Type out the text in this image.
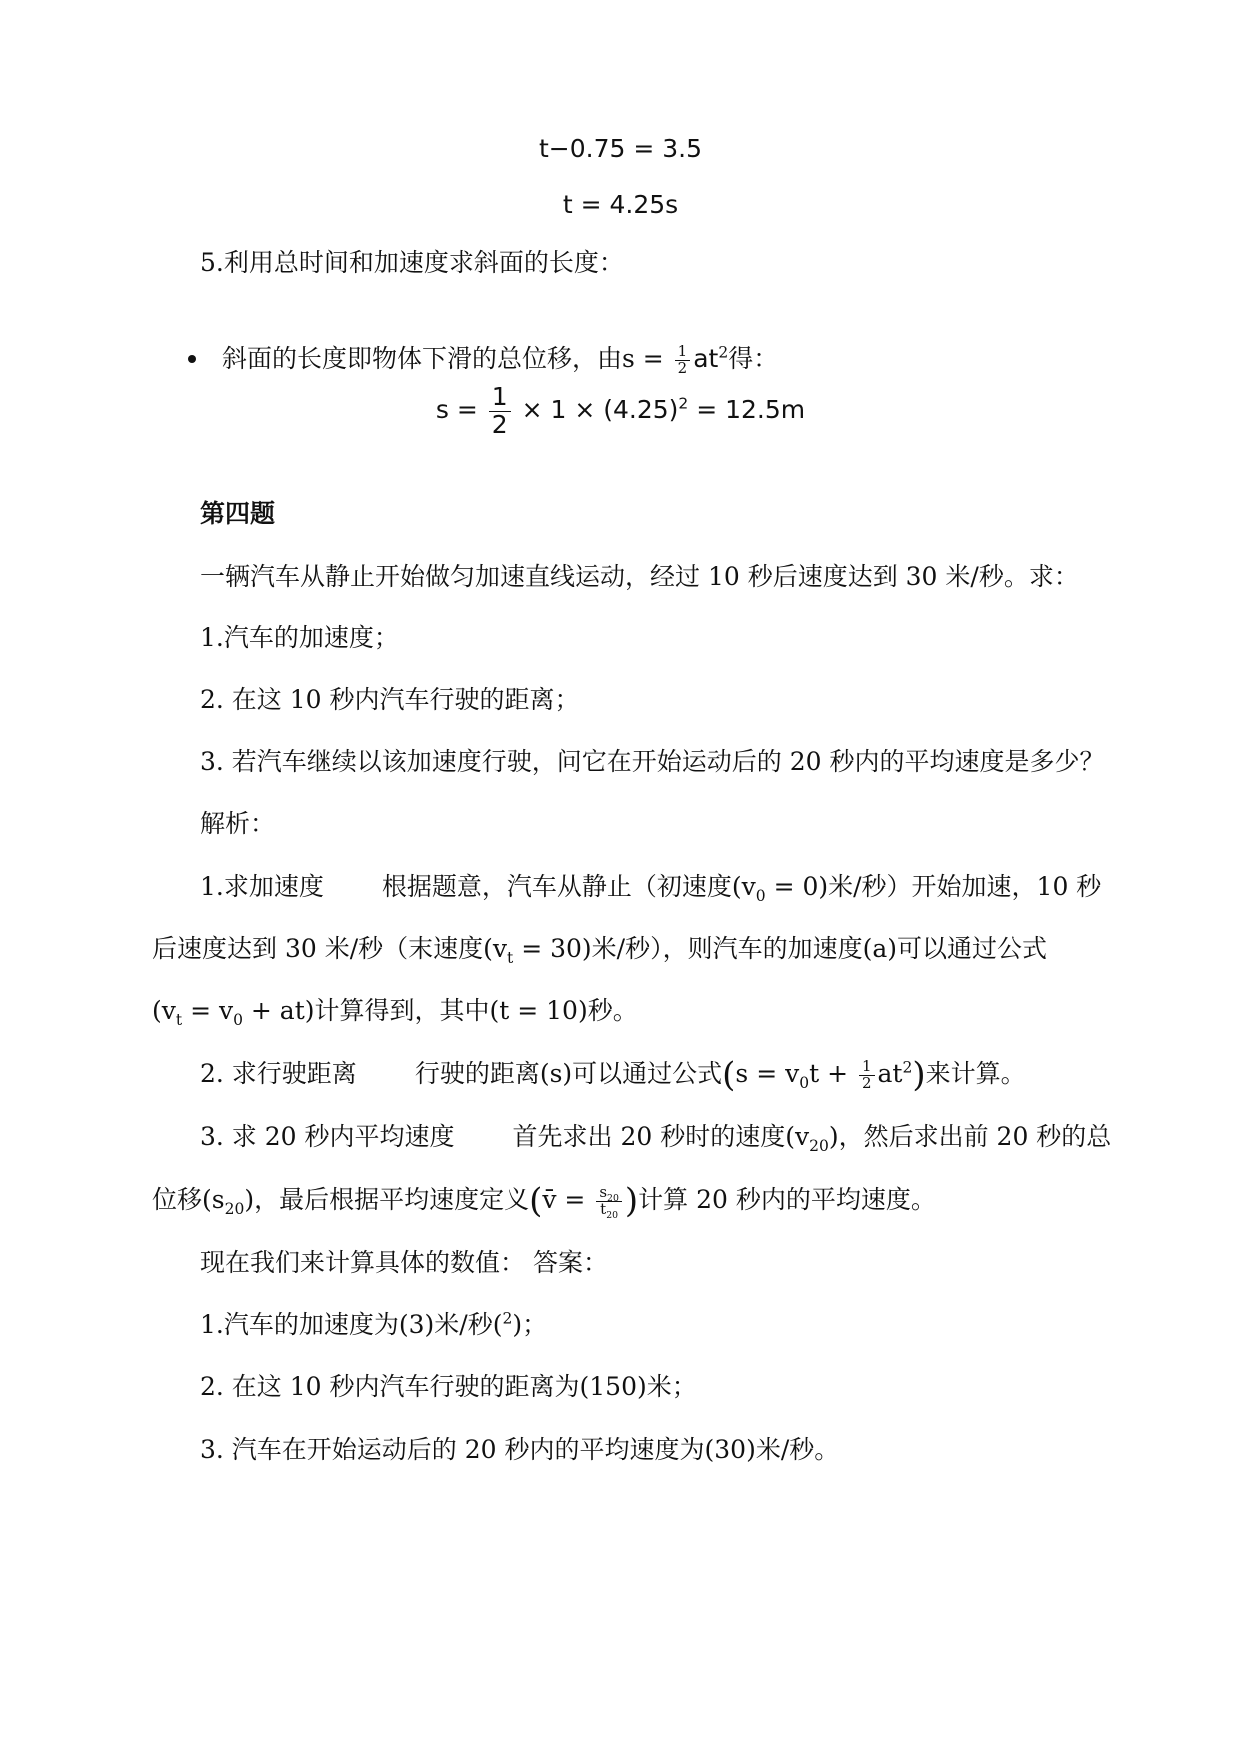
t−0.75 = 3.5
t = 4.25s
5.利用总时间和加速度求斜面的长度：
斜面的长度即物体下滑的总位移，由$s = \frac{1}{2} at^2$得：
$s = \frac{1}{2} \times 1 \times (4.25)^2 = 12.5m$
第四题
一辆汽车从静止开始做匀加速直线运动，经过 10 秒后速度达到 30 米/秒。求：
1.汽车的加速度；
2. 在这 10 秒内汽车行驶的距离；
3. 若汽车继续以该加速度行驶，问它在开始运动后的 20 秒内的平均速度是多少？
解析：
1.求加速度 根据题意，汽车从静止（初速度$(v_0 = 0)$米/秒）开始加速，10 秒
后速度达到 30 米/秒（末速度$(v_t = 30)$米/秒），则汽车的加速度(a)可以通过公式
$(v_t = v_0 + at)$计算得到，其中(t = 10)秒。
2. 求行驶距离 行驶的距离(s)可以通过公式$(s = v_0t + \frac{1}{2} at^2)$来计算。
3. 求 20 秒内平均速度 首先求出 20 秒时的速度$(v_{20})$，然后求出前 20 秒的总
位移$(s_{20})$，最后根据平均速度定义(v̄ = $\frac{s_{20}}{t_{20}}$ )计算 20 秒内的平均速度。
现在我们来计算具体的数值： 答案：
1.汽车的加速度为(3)米/秒($^2$)；
2. 在这 10 秒内汽车行驶的距离为(150)米；
3. 汽车在开始运动后的 20 秒内的平均速度为(30)米/秒。
